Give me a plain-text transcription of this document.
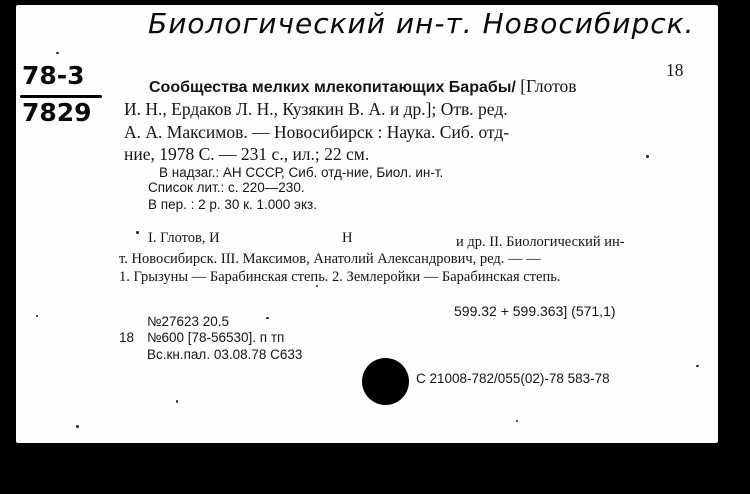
Биологический ин-т. Новосибирск.
78-3
7829
18
Сообщества мелких млекопитающих Барабы/ [Глотов
И. Н., Ердаков Л. Н., Кузякин В. А. и др.]; Отв. ред.
А. А. Максимов. — Новосибирск : Наука. Сиб. отд-
ние, 1978 С. — 231 с., ил.; 22 см.
В надзаг.: АН СССР, Сиб. отд-ние, Биол. ин-т.
Список лит.: с. 220—230.
В пер. : 2 р. 30 к. 1.000 экз.
I. Глотов, И	Н	и др. II. Биологический ин-
т. Новосибирск. III. Максимов, Анатолий Александрович, ред. — —
1. Грызуны — Барабинская степь. 2. Землеройки — Барабинская степь.
599.32 + 599.363] (571,1)
№27623 20.5
18 №600 [78-56530]. п тп
Вс.кн.пал. 03.08.78 С633
С 21008-782/055(02)-78 583-78
